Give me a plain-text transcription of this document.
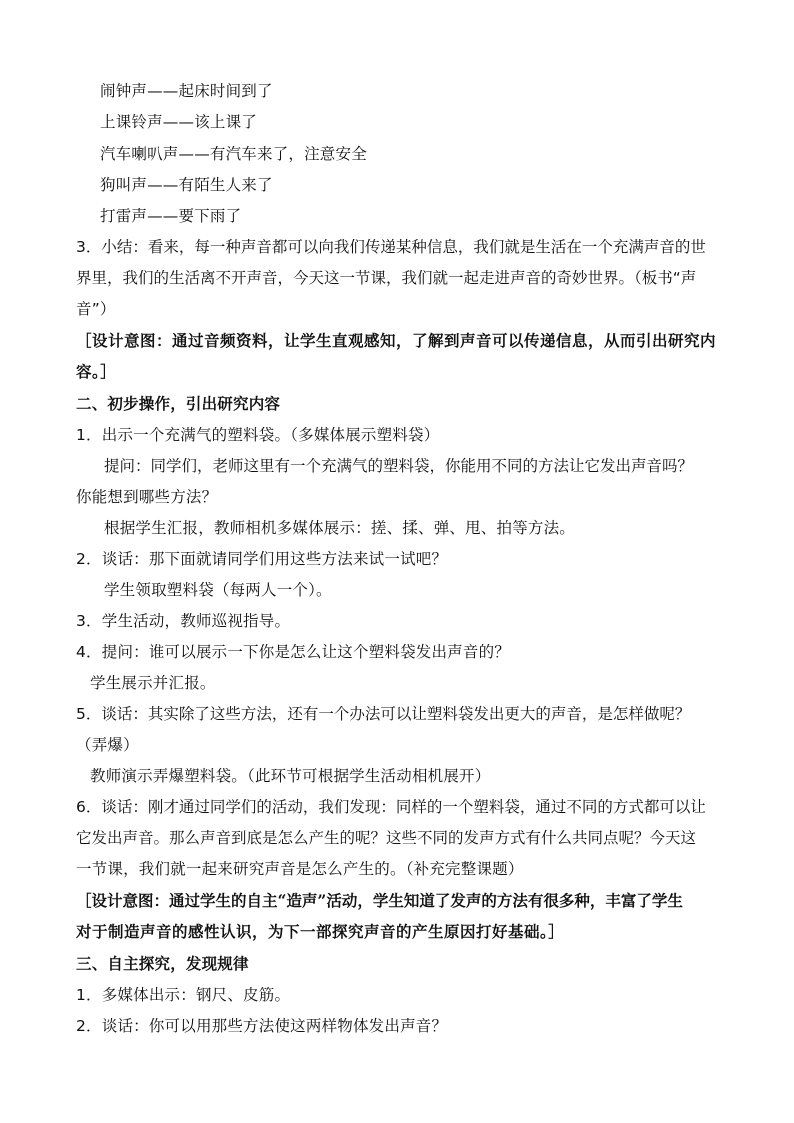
闹钟声——起床时间到了
上课铃声——该上课了
汽车喇叭声——有汽车来了，注意安全
狗叫声——有陌生人来了
打雷声——要下雨了
3．小结：看来，每一种声音都可以向我们传递某种信息，我们就是生活在一个充满声音的世
界里，我们的生活离不开声音，今天这一节课，我们就一起走进声音的奇妙世界。（板书“声
音”）
［设计意图：通过音频资料，让学生直观感知，了解到声音可以传递信息，从而引出研究内
容。］
二、初步操作，引出研究内容
1．出示一个充满气的塑料袋。（多媒体展示塑料袋）
提问：同学们，老师这里有一个充满气的塑料袋，你能用不同的方法让它发出声音吗？
你能想到哪些方法？
根据学生汇报，教师相机多媒体展示：搓、揉、弹、甩、拍等方法。
2．谈话：那下面就请同学们用这些方法来试一试吧？
学生领取塑料袋（每两人一个）。
3．学生活动，教师巡视指导。
4．提问：谁可以展示一下你是怎么让这个塑料袋发出声音的？
学生展示并汇报。
5．谈话：其实除了这些方法，还有一个办法可以让塑料袋发出更大的声音，是怎样做呢？
（弄爆）
教师演示弄爆塑料袋。（此环节可根据学生活动相机展开）
6．谈话：刚才通过同学们的活动，我们发现：同样的一个塑料袋，通过不同的方式都可以让
它发出声音。那么声音到底是怎么产生的呢？这些不同的发声方式有什么共同点呢？今天这
一节课，我们就一起来研究声音是怎么产生的。（补充完整课题）
［设计意图：通过学生的自主“造声”活动，学生知道了发声的方法有很多种，丰富了学生
对于制造声音的感性认识，为下一部探究声音的产生原因打好基础。］
三、自主探究，发现规律
1．多媒体出示：钢尺、皮筋。
2．谈话：你可以用那些方法使这两样物体发出声音？
